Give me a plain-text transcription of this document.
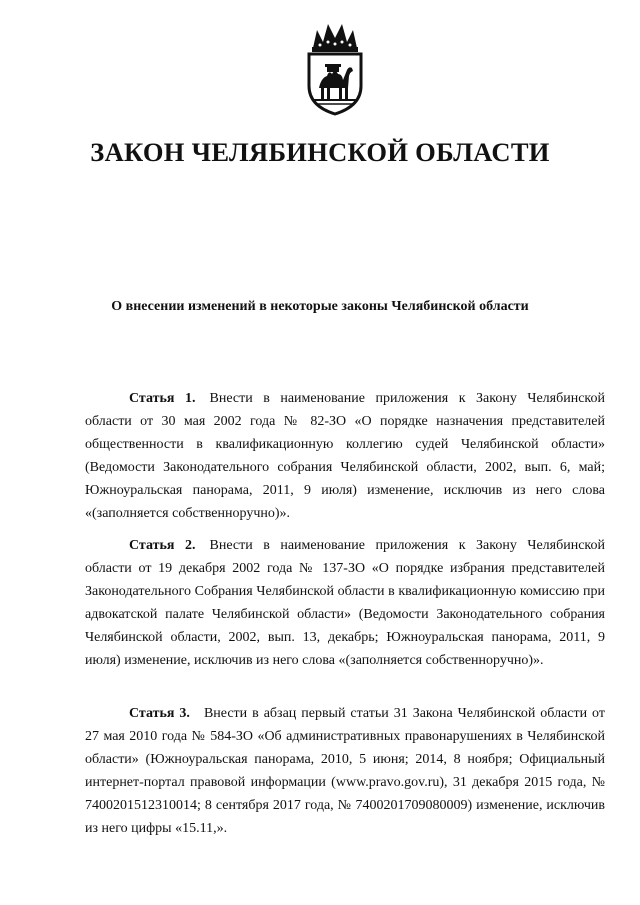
ЗАКОН ЧЕЛЯБИНСКОЙ ОБЛАСТИ
О внесении изменений в некоторые законы Челябинской области

Статья 1. Внести в наименование приложения к Закону Челябинской области от 30 мая 2002 года № 82-ЗО «О порядке назначения представителей общественности в квалификационную коллегию судей Челябинской области» (Ведомости Законодательного собрания Челябинской области, 2002, вып. 6, май; Южноуральская панорама, 2011, 9 июля) изменение, исключив из него слова «(заполняется собственноручно)».

Статья 2. Внести в наименование приложения к Закону Челябинской области от 19 декабря 2002 года № 137-ЗО «О порядке избрания представителей Законодательного Собрания Челябинской области в квалификационную комиссию при адвокатской палате Челябинской области» (Ведомости Законодательного собрания Челябинской области, 2002, вып. 13, декабрь; Южноуральская панорама, 2011, 9 июля) изменение, исключив из него слова «(заполняется собственноручно)».

Статья 3. Внести в абзац первый статьи 31 Закона Челябинской области от 27 мая 2010 года № 584-ЗО «Об административных правонарушениях в Челябинской области» (Южноуральская панорама, 2010, 5 июня; 2014, 8 ноября; Официальный интернет-портал правовой информации (www.pravo.gov.ru), 31 декабря 2015 года, № 7400201512310014; 8 сентября 2017 года, № 7400201709080009) изменение, исключив из него цифры «15.11,».
